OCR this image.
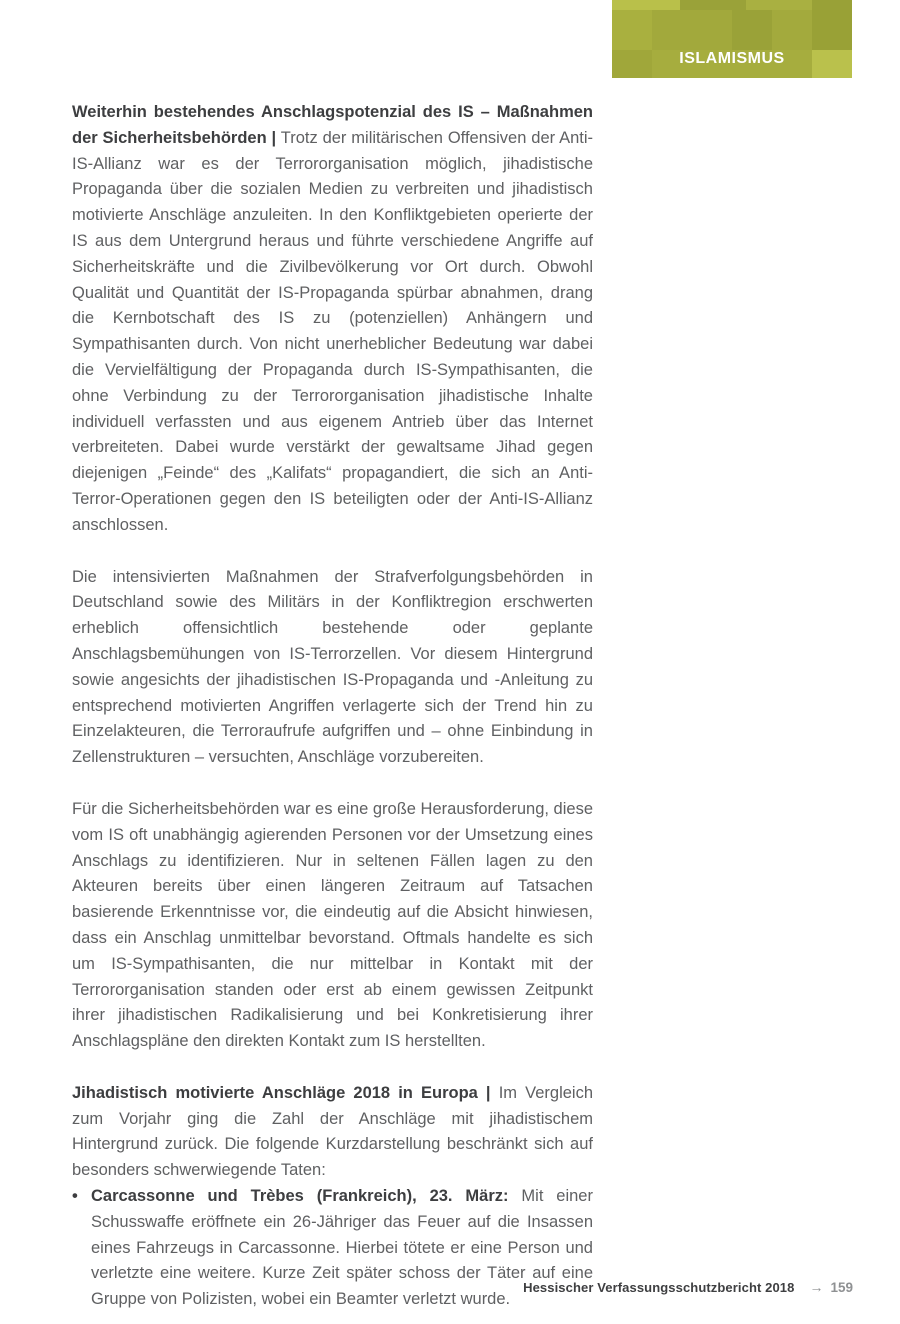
ISLAMISMUS

Weiterhin bestehendes Anschlagspotenzial des IS – Maßnahmen der Sicherheitsbehörden | Trotz der militärischen Offensiven der Anti-IS-Allianz war es der Terrororganisation möglich, jihadistische Propaganda über die sozialen Medien zu verbreiten und jihadistisch motivierte Anschläge anzuleiten. In den Konfliktgebieten operierte der IS aus dem Untergrund heraus und führte verschiedene Angriffe auf Sicherheitskräfte und die Zivilbevölkerung vor Ort durch. Obwohl Qualität und Quantität der IS-Propaganda spürbar abnahmen, drang die Kernbotschaft des IS zu (potenziellen) Anhängern und Sympathisanten durch. Von nicht unerheblicher Bedeutung war dabei die Vervielfältigung der Propaganda durch IS-Sympathisanten, die ohne Verbindung zu der Terrororganisation jihadistische Inhalte individuell verfassten und aus eigenem Antrieb über das Internet verbreiteten. Dabei wurde verstärkt der gewaltsame Jihad gegen diejenigen „Feinde“ des „Kalifats“ propagandiert, die sich an Anti-Terror-Operationen gegen den IS beteiligten oder der Anti-IS-Allianz anschlossen.

Die intensivierten Maßnahmen der Strafverfolgungsbehörden in Deutschland sowie des Militärs in der Konfliktregion erschwerten erheblich offensichtlich bestehende oder geplante Anschlagsbemühungen von IS-Terrorzellen. Vor diesem Hintergrund sowie angesichts der jihadistischen IS-Propaganda und -Anleitung zu entsprechend motivierten Angriffen verlagerte sich der Trend hin zu Einzelakteuren, die Terroraufrufe aufgriffen und – ohne Einbindung in Zellenstrukturen – versuchten, Anschläge vorzubereiten.

Für die Sicherheitsbehörden war es eine große Herausforderung, diese vom IS oft unabhängig agierenden Personen vor der Umsetzung eines Anschlags zu identifizieren. Nur in seltenen Fällen lagen zu den Akteuren bereits über einen längeren Zeitraum auf Tatsachen basierende Erkenntnisse vor, die eindeutig auf die Absicht hinwiesen, dass ein Anschlag unmittelbar bevorstand. Oftmals handelte es sich um IS-Sympathisanten, die nur mittelbar in Kontakt mit der Terrororganisation standen oder erst ab einem gewissen Zeitpunkt ihrer jihadistischen Radikalisierung und bei Konkretisierung ihrer Anschlagspläne den direkten Kontakt zum IS herstellten.

Jihadistisch motivierte Anschläge 2018 in Europa | Im Vergleich zum Vorjahr ging die Zahl der Anschläge mit jihadistischem Hintergrund zurück. Die folgende Kurzdarstellung beschränkt sich auf besonders schwerwiegende Taten:

• Carcassonne und Trèbes (Frankreich), 23. März: Mit einer Schusswaffe eröffnete ein 26-Jähriger das Feuer auf die Insassen eines Fahrzeugs in Carcassonne. Hierbei tötete er eine Person und verletzte eine weitere. Kurze Zeit später schoss der Täter auf eine Gruppe von Polizisten, wobei ein Beamter verletzt wurde.
Hessischer Verfassungsschutzbericht 2018 → 159
